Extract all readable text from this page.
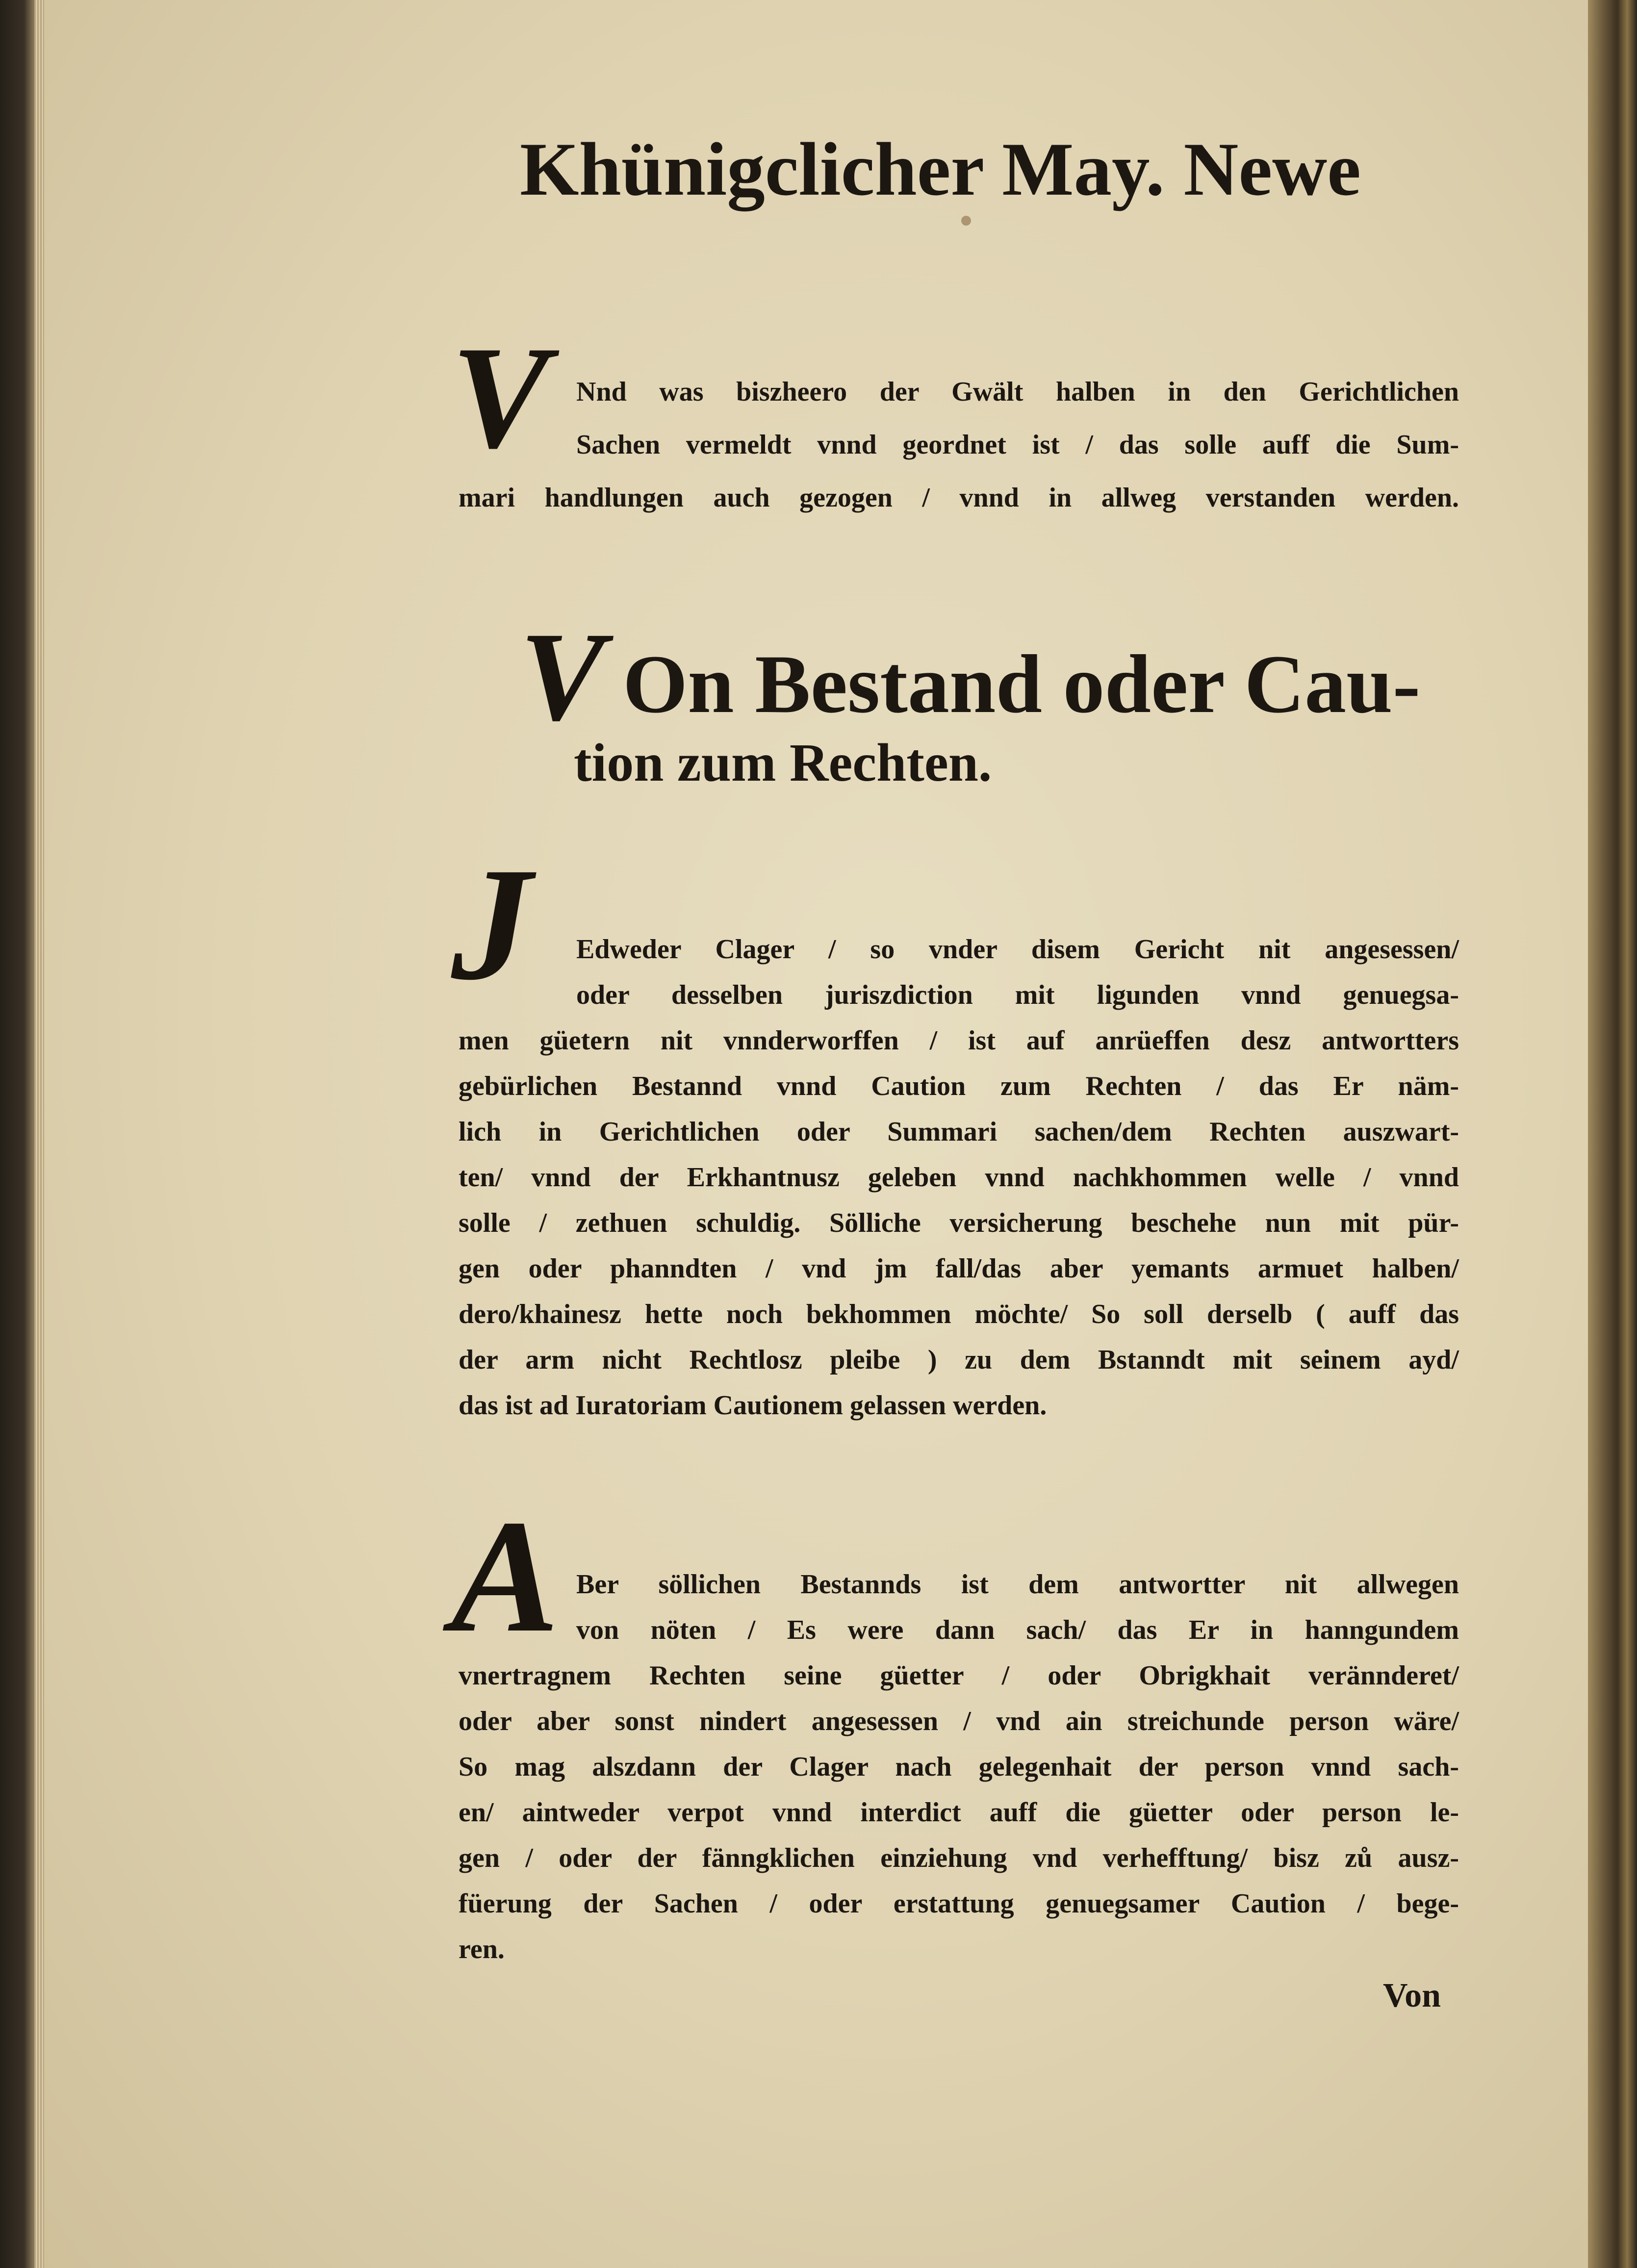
Khünigclicher May. Newe
V Nnd was biszheero der Gwält halben in den Gerichtlichen
Sachen vermeldt vnnd geordnet ist / das solle auff die Sum-
mari handlungen auch gezogen / vnnd in allweg verstanden werden.
V On Bestand oder Cau-
tion zum Rechten.
J	Edweder Clager / so vnder disem Gericht nit angesessen/
oder desselben juriszdiction mit ligunden vnnd genuegsa-
men güetern nit vnnderworffen / ist auf anrüeffen desz antwortters
gebürlichen Bestannd vnnd Caution zum Rechten / das Er näm-
lich in Gerichtlichen oder Summari sachen/dem Rechten auszwart-
ten/ vnnd der Erkhantnusz geleben vnnd nachkhommen welle / vnnd
solle / zethuen schuldig. Sölliche versicherung beschehe nun mit pür-
gen oder phanndten / vnd jm fall/das aber yemants armuet halben/
dero/khainesz hette noch bekhommen möchte/ So soll derselb ( auff das
der arm nicht Rechtlosz pleibe ) zu dem Bstanndt mit seinem ayd/
das ist ad Iuratoriam Cautionem gelassen werden.
A Ber söllichen Bestannds ist dem antwortter nit allwegen
von nöten / Es were dann sach/ das Er in hanngundem
vnertragnem Rechten seine güetter / oder Obrigkhait verännderet/
oder aber sonst nindert angesessen / vnd ain streichunde person wäre/
So mag alszdann der Clager nach gelegenhait der person vnnd sach-
en/ aintweder verpot vnnd interdict auff die güetter oder person le-
gen / oder der fänngklichen einziehung vnd verhefftung/ bisz zů ausz-
füerung der Sachen / oder erstattung genuegsamer Caution / bege-
ren.
Von
